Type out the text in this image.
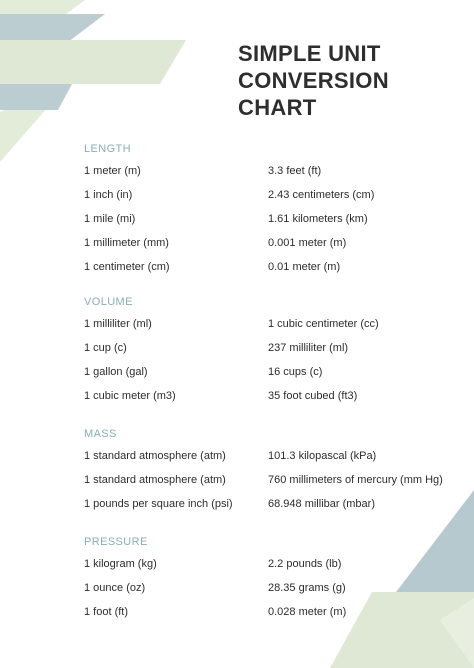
SIMPLE UNIT
CONVERSION
CHART
LENGTH
1 meter (m)	3.3 feet (ft)
1 inch (in)	2.43 centimeters (cm)
1 mile (mi)	1.61 kilometers (km)
1 millimeter (mm)	0.001 meter (m)
1 centimeter (cm)	0.01 meter (m)
VOLUME
1 milliliter (ml)	1 cubic centimeter (cc)
1 cup (c)	237 milliliter (ml)
1 gallon (gal)	16 cups (c)
1 cubic meter (m3)	35 foot cubed (ft3)
MASS
1 standard atmosphere (atm)	101.3 kilopascal (kPa)
1 standard atmosphere (atm)	760 millimeters of mercury (mm Hg)
1 pounds per square inch (psi)	68.948 millibar (mbar)
PRESSURE
1 kilogram (kg)	2.2 pounds (lb)
1 ounce (oz)	28.35 grams (g)
1 foot (ft)	0.028 meter (m)
